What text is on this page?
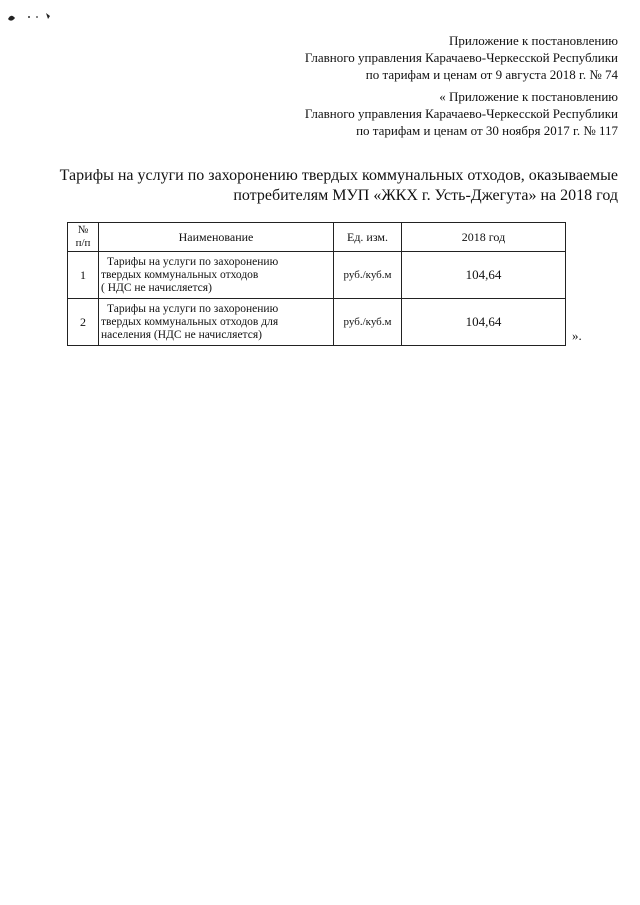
Приложение к постановлению
Главного управления Карачаево-Черкесской Республики
по тарифам и ценам от 9 августа 2018 г. № 74
« Приложение к постановлению
Главного управления Карачаево-Черкесской Республики
по тарифам и ценам от 30 ноября 2017 г. № 117
Тарифы на услуги по захоронению твердых коммунальных отходов, оказываемые
потребителям МУП «ЖКХ г. Усть-Джегута» на 2018 год
№
п/п	Наименование	Ед. изм.	2018 год
1	Тарифы на услуги по захоронению
твердых коммунальных отходов
( НДС не начисляется)	руб./куб.м	104,64
2	Тарифы на услуги по захоронению
твердых коммунальных отходов для
населения (НДС не начисляется)	руб./куб.м	104,64
».
